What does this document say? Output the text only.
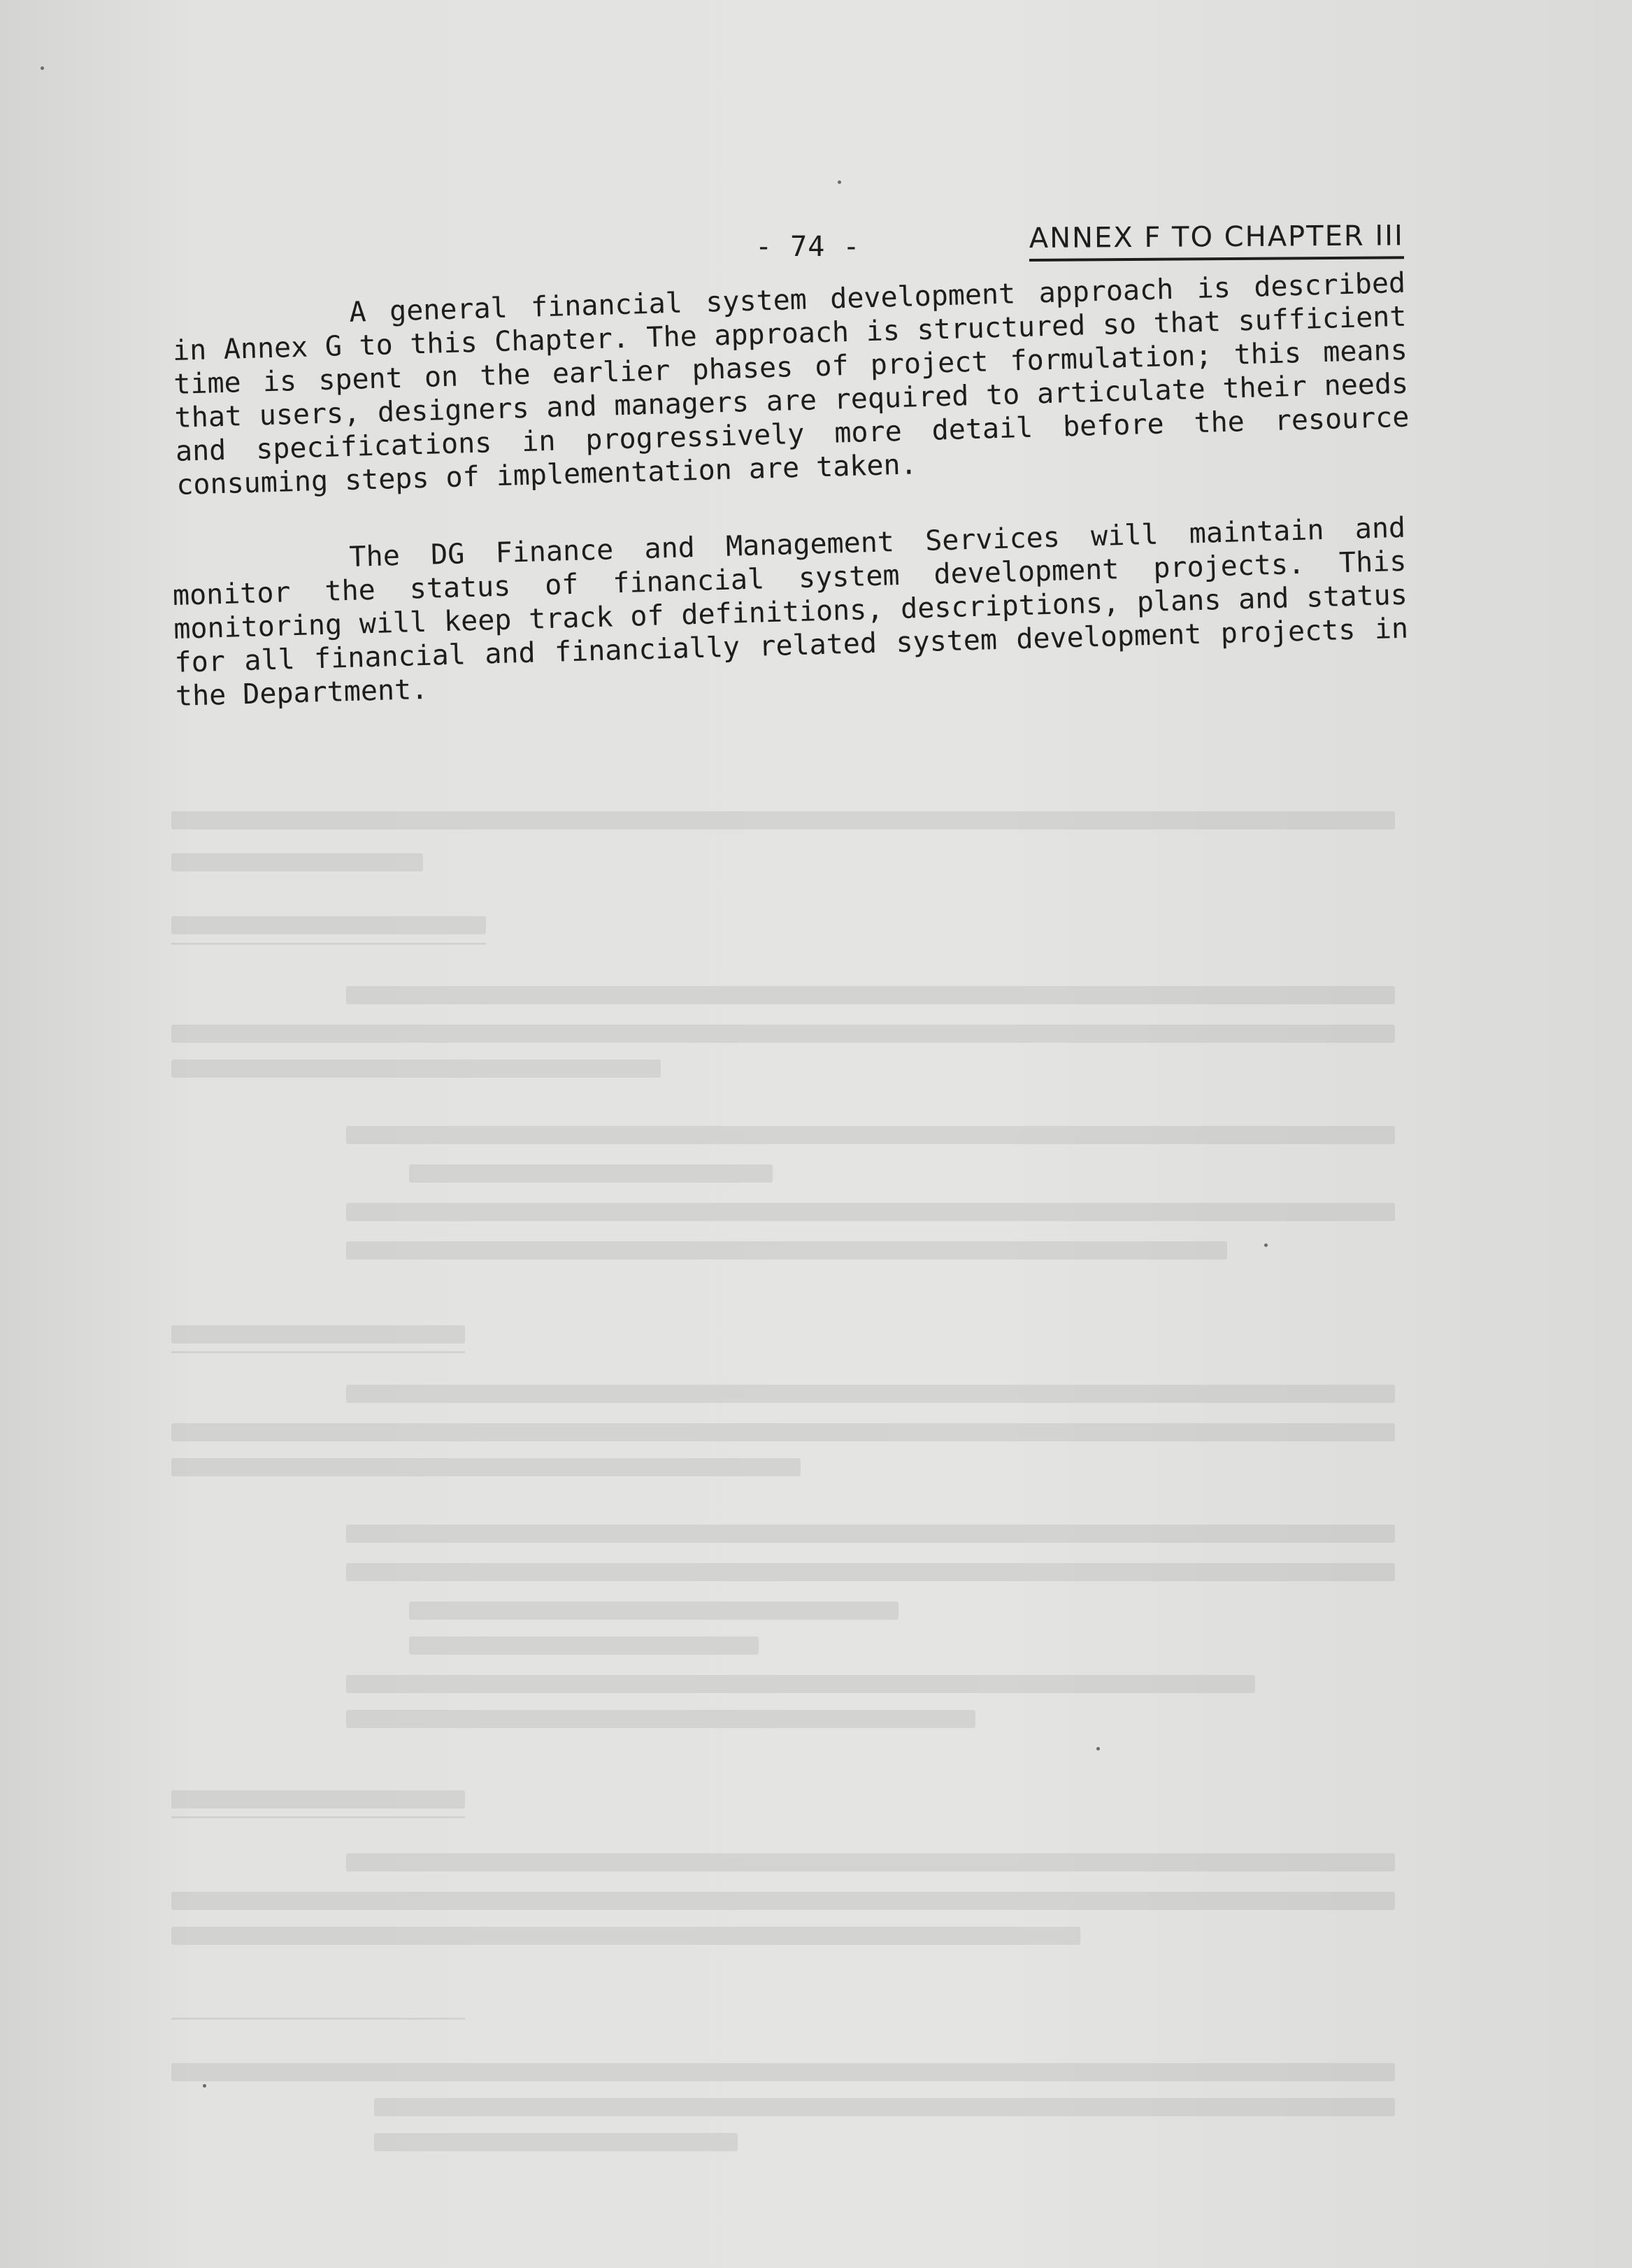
- 74 -	ANNEX F TO CHAPTER III

A general financial system development approach is described in Annex G to this Chapter. The approach is structured so that sufficient time is spent on the earlier phases of project formulation; this means that users, designers and managers are required to articulate their needs and specifications in progressively more detail before the resource consuming steps of implementation are taken.

The DG Finance and Management Services will maintain and monitor the status of financial system development projects. This monitoring will keep track of definitions, descriptions, plans and status for all financial and financially related system development projects in the Department.
